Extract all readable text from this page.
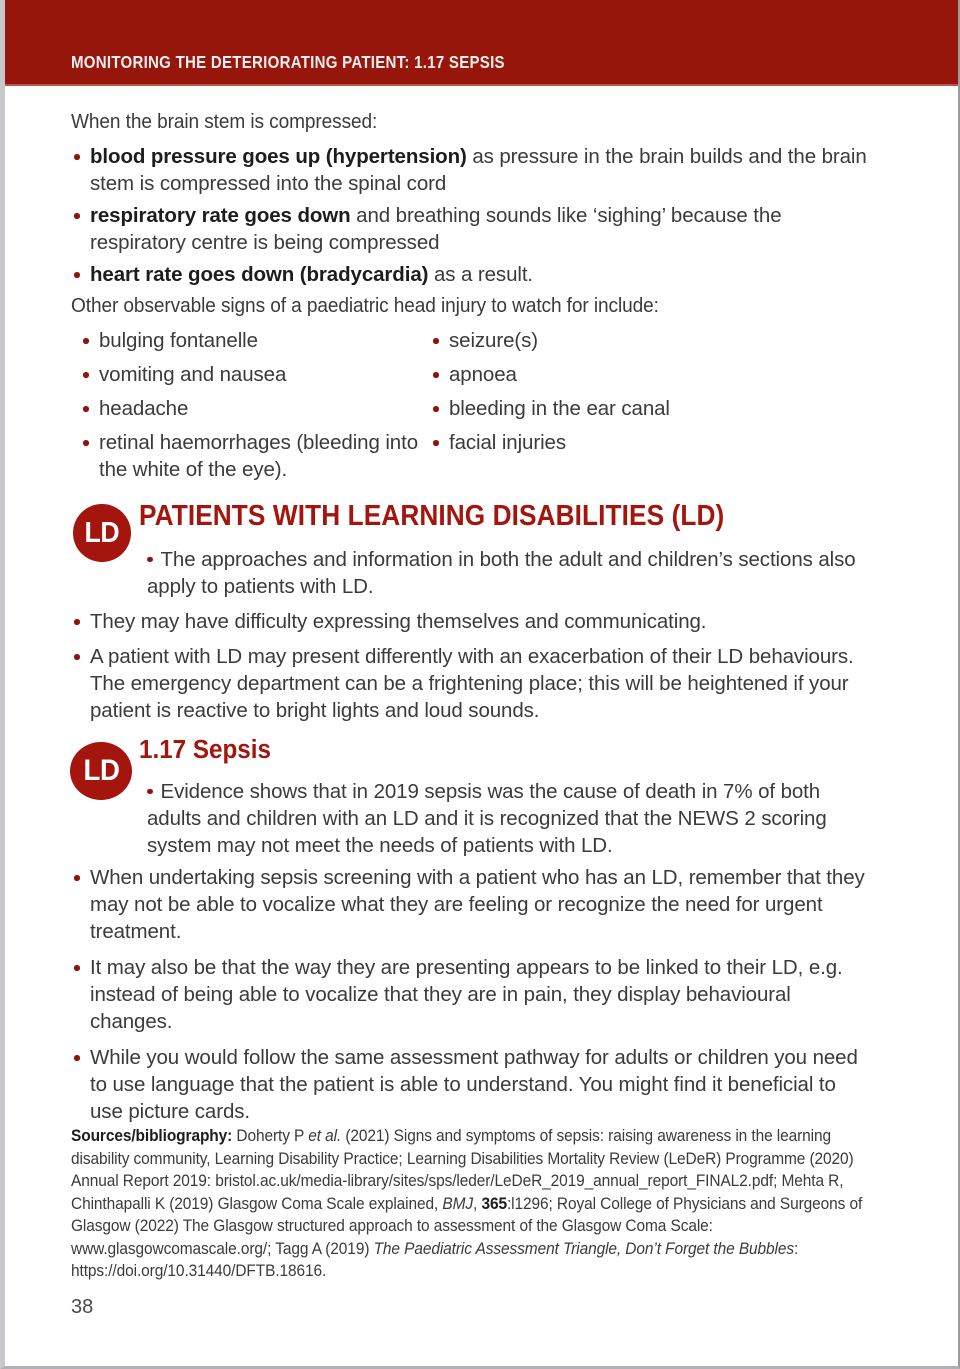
MONITORING THE DETERIORATING PATIENT: 1.17 SEPSIS
When the brain stem is compressed:
blood pressure goes up (hypertension) as pressure in the brain builds and the brain stem is compressed into the spinal cord
respiratory rate goes down and breathing sounds like ‘sighing’ because the respiratory centre is being compressed
heart rate goes down (bradycardia) as a result.
Other observable signs of a paediatric head injury to watch for include:
bulging fontanelle
vomiting and nausea
headache
retinal haemorrhages (bleeding into the white of the eye).
seizure(s)
apnoea
bleeding in the ear canal
facial injuries
LD
PATIENTS WITH LEARNING DISABILITIES (LD)
The approaches and information in both the adult and children’s sections also apply to patients with LD.
They may have difficulty expressing themselves and communicating.
A patient with LD may present differently with an exacerbation of their LD behaviours. The emergency department can be a frightening place; this will be heightened if your patient is reactive to bright lights and loud sounds.
LD
1.17 Sepsis
Evidence shows that in 2019 sepsis was the cause of death in 7% of both adults and children with an LD and it is recognized that the NEWS 2 scoring system may not meet the needs of patients with LD.
When undertaking sepsis screening with a patient who has an LD, remember that they may not be able to vocalize what they are feeling or recognize the need for urgent treatment.
It may also be that the way they are presenting appears to be linked to their LD, e.g. instead of being able to vocalize that they are in pain, they display behavioural changes.
While you would follow the same assessment pathway for adults or children you need to use language that the patient is able to understand. You might find it beneficial to use picture cards.
Sources/bibliography: Doherty P et al. (2021) Signs and symptoms of sepsis: raising awareness in the learning disability community, Learning Disability Practice; Learning Disabilities Mortality Review (LeDeR) Programme (2020) Annual Report 2019: bristol.ac.uk/media-library/sites/sps/leder/LeDeR_2019_annual_report_FINAL2.pdf; Mehta R, Chinthapalli K (2019) Glasgow Coma Scale explained, BMJ, 365:l1296; Royal College of Physicians and Surgeons of Glasgow (2022) The Glasgow structured approach to assessment of the Glasgow Coma Scale: www.glasgowcomascale.org/; Tagg A (2019) The Paediatric Assessment Triangle, Don’t Forget the Bubbles: https://doi.org/10.31440/DFTB.18616.
38
